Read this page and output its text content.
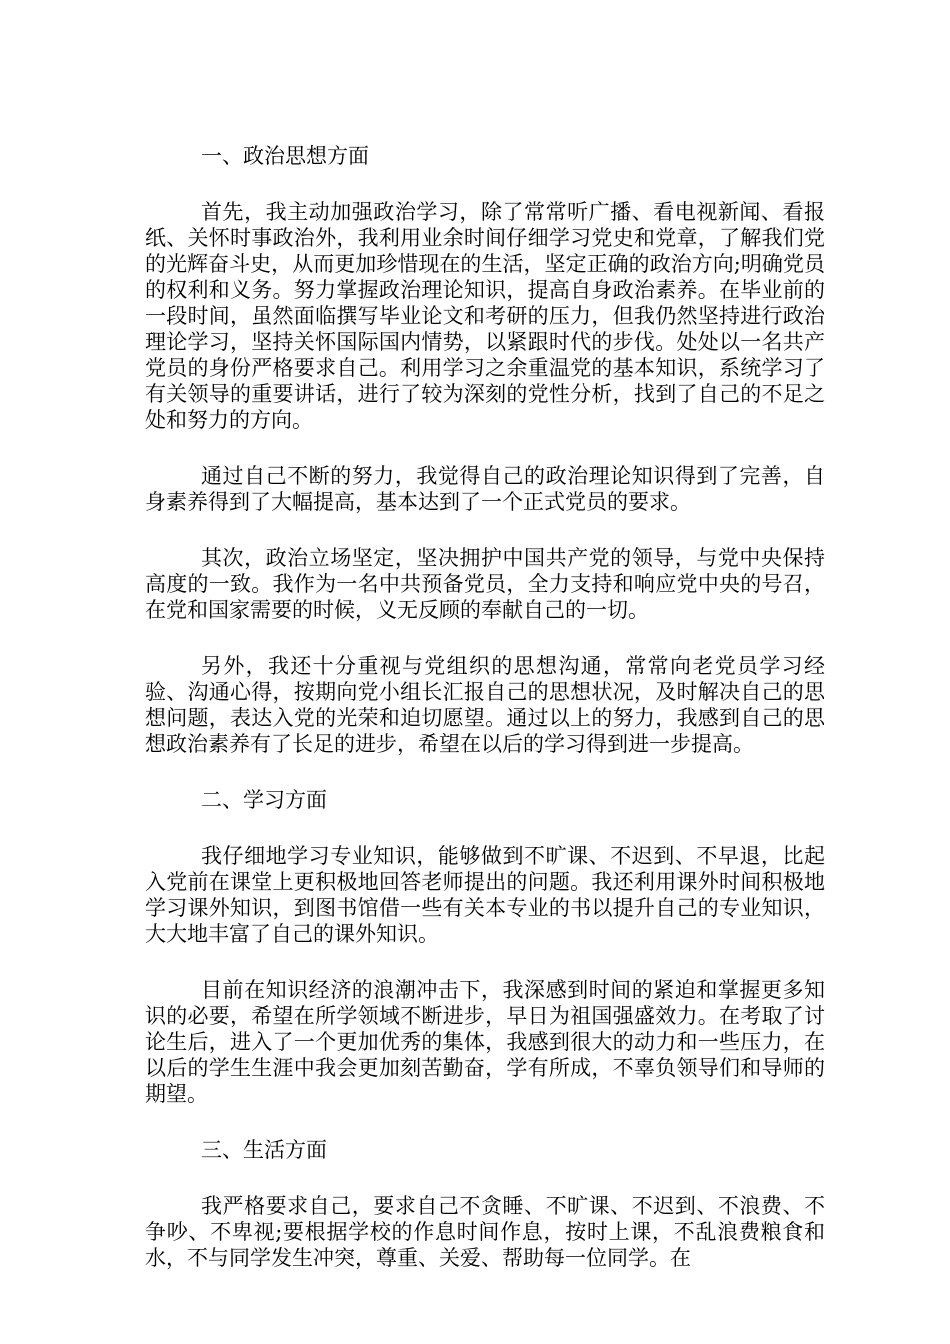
一、政治思想方面

首先，我主动加强政治学习，除了常常听广播、看电视新闻、看报纸、关怀时事政治外，我利用业余时间仔细学习党史和党章，了解我们党的光辉奋斗史，从而更加珍惜现在的生活，坚定正确的政治方向;明确党员的权利和义务。努力掌握政治理论知识，提高自身政治素养。在毕业前的一段时间，虽然面临撰写毕业论文和考研的压力，但我仍然坚持进行政治理论学习，坚持关怀国际国内情势，以紧跟时代的步伐。处处以一名共产党员的身份严格要求自己。利用学习之余重温党的基本知识，系统学习了有关领导的重要讲话，进行了较为深刻的党性分析，找到了自己的不足之处和努力的方向。

通过自己不断的努力，我觉得自己的政治理论知识得到了完善，自身素养得到了大幅提高，基本达到了一个正式党员的要求。

其次，政治立场坚定，坚决拥护中国共产党的领导，与党中央保持高度的一致。我作为一名中共预备党员，全力支持和响应党中央的号召，在党和国家需要的时候，义无反顾的奉献自己的一切。

另外，我还十分重视与党组织的思想沟通，常常向老党员学习经验、沟通心得，按期向党小组长汇报自己的思想状况，及时解决自己的思想问题，表达入党的光荣和迫切愿望。通过以上的努力，我感到自己的思想政治素养有了长足的进步，希望在以后的学习得到进一步提高。

二、学习方面

我仔细地学习专业知识，能够做到不旷课、不迟到、不早退，比起入党前在课堂上更积极地回答老师提出的问题。我还利用课外时间积极地学习课外知识，到图书馆借一些有关本专业的书以提升自己的专业知识，大大地丰富了自己的课外知识。

目前在知识经济的浪潮冲击下，我深感到时间的紧迫和掌握更多知识的必要，希望在所学领域不断进步，早日为祖国强盛效力。在考取了讨论生后，进入了一个更加优秀的集体，我感到很大的动力和一些压力，在以后的学生生涯中我会更加刻苦勤奋，学有所成，不辜负领导们和导师的期望。

三、生活方面

我严格要求自己，要求自己不贪睡、不旷课、不迟到、不浪费、不争吵、不卑视;要根据学校的作息时间作息，按时上课，不乱浪费粮食和水，不与同学发生冲突，尊重、关爱、帮助每一位同学。在
